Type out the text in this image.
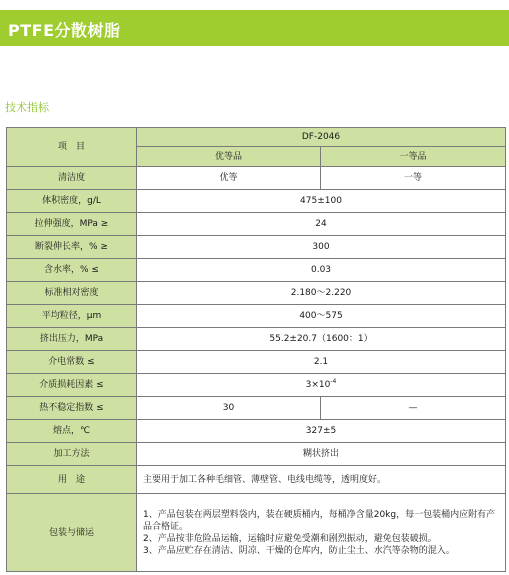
PTFE分散树脂
技术指标
项　目	DF-2046	
	优等品	一等品
清洁度	优等	一等
体积密度，g/L	475±100	
拉伸强度，MPa ≥	24	
断裂伸长率，% ≥	300	
含水率，% ≤	0.03	
标准相对密度	2.180～2.220	
平均粒径，μm	400～575	
挤出压力，MPa	55.2±20.7（1600：1）	
介电常数 ≤	2.1	
介质损耗因素 ≤	$3\times 10^{-4}$
热不稳定指数 ≤	30	—
熔点，℃	327±5	
加工方法	糊状挤出	
用　途	主要用于加工各种毛细管、薄壁管、电线电缆等，透明度好。	
包装与储运	1、产品包装在两层塑料袋内，装在硬质桶内，每桶净含量20kg，每一包装桶内应附有产品合格证。
2、产品按非危险品运输，运输时应避免受潮和剧烈振动，避免包装破损。
3、产品应贮存在清洁、阴凉、干燥的仓库内，防止尘土、水汽等杂物的混入。	
